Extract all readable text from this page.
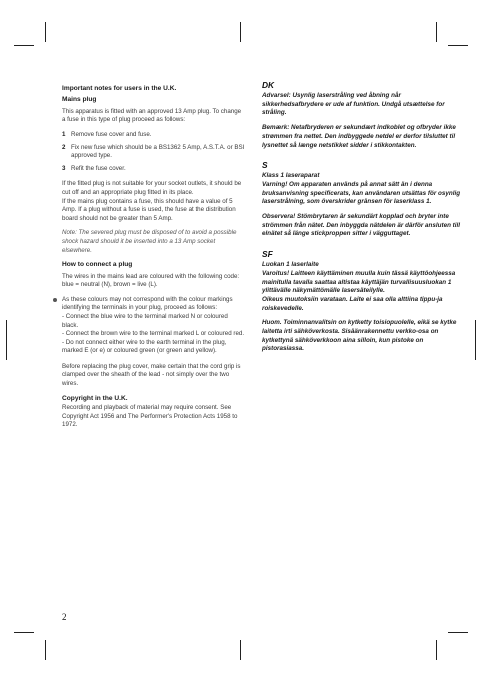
Important notes for users in the U.K.
Mains plug

This apparatus is fitted with an approved 13 Amp plug. To change a fuse in this type of plug proceed as follows:

1 Remove fuse cover and fuse.
2 Fix new fuse which should be a BS1362 5 Amp, A.S.T.A. or BSI approved type.
3 Refit the fuse cover.

If the fitted plug is not suitable for your socket outlets, it should be cut off and an appropriate plug fitted in its place.

If the mains plug contains a fuse, this should have a value of 5 Amp. If a plug without a fuse is used, the fuse at the distribution board should not be greater than 5 Amp.

Note: The severed plug must be disposed of to avoid a possible shock hazard should it be inserted into a 13 Amp socket elsewhere.

How to connect a plug

The wires in the mains lead are coloured with the following code: blue = neutral (N), brown = live (L).

As these colours may not correspond with the colour markings identifying the terminals in your plug, proceed as follows:
- Connect the blue wire to the terminal marked N or coloured black.
- Connect the brown wire to the terminal marked L or coloured red.
- Do not connect either wire to the earth terminal in the plug, marked E (or e) or coloured green (or green and yellow).

Before replacing the plug cover, make certain that the cord grip is clamped over the sheath of the lead - not simply over the two wires.

Copyright in the U.K.

Recording and playback of material may require consent. See Copyright Act 1956 and The Performer's Protection Acts 1958 to 1972.

DK
Advarsel: Usynlig laserstråling ved åbning når sikkerhedsafbrydere er ude af funktion. Undgå utsættelse for stråling.
Bemærk: Netafbryderen er sekundært indkoblet og ofbryder ikke strømmen fra nettet. Den indbyggede netdel er derfor tilsluttet til lysnettet så længe netstikket sidder i stikkontakten.
S
Klass 1 laseraparat
Varning! Om apparaten används på annat sätt än i denna bruksanvisning specificerats, kan användaren utsättas för osynlig laserstrålning, som överskrider gränsen för laserklass 1.
Observera! Stömbrytaren är sekundärt kopplad och bryter inte strömmen från nätet. Den inbyggda nätdelen är därför ansluten till elnätet så länge stickproppen sitter i vägguttaget.
SF
Luokan 1 laserlaite
Varoitus! Laitteen käyttäminen muulla kuin tässä käyttöohjeessa mainitulla tavalla saattaa altistaa käyttäjän turvallisuusluokan 1 ylittävälle näkymättömälle lasersäteilylle.
Oikeus muutoksiin varataan. Laite ei saa olla alttiina tippu-ja roiskevedelle.
Huom. Toiminnanvalitsin on kytketty toisiopuolelle, eikä se kytke laitetta irti sähköverkosta. Sisäänrakennettu verkko-osa on kytkettynä sähköverkkoon aina silloin, kun pistoke on pistorasiassa.
2
